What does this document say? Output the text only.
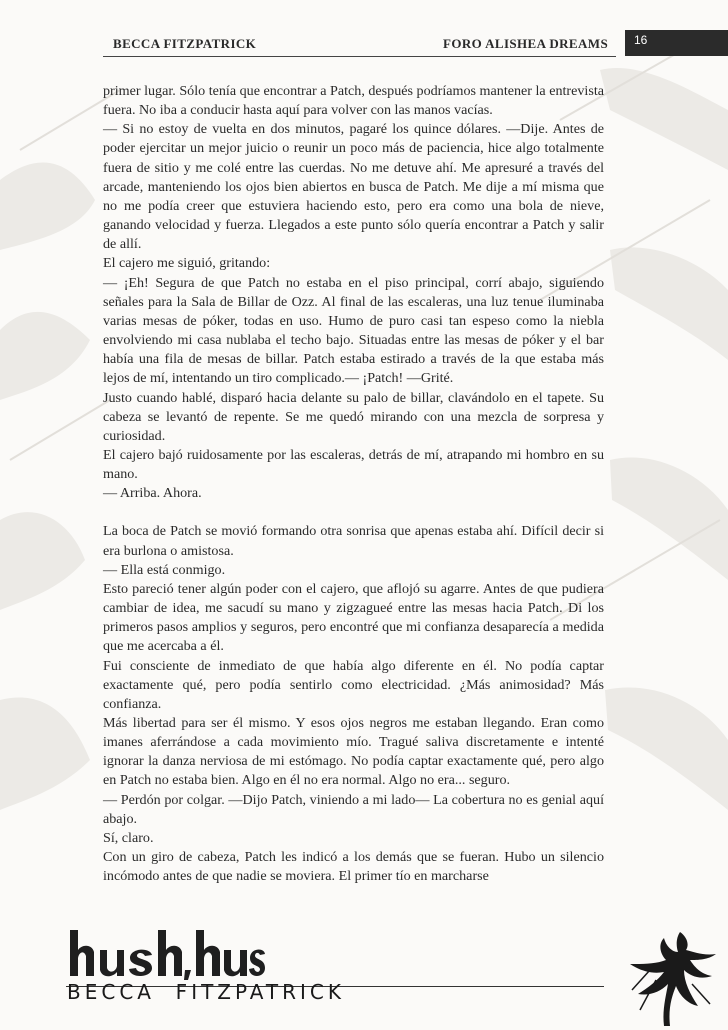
BECCA FITZPATRICK	FORO ALISHEA DREAMS 16

primer lugar. Sólo tenía que encontrar a Patch, después podríamos mantener la entrevista fuera. No iba a conducir hasta aquí para volver con las manos vacías.

— Si no estoy de vuelta en dos minutos, pagaré los quince dólares. —Dije. Antes de poder ejercitar un mejor juicio o reunir un poco más de paciencia, hice algo totalmente fuera de sitio y me colé entre las cuerdas. No me detuve ahí. Me apresuré a través del arcade, manteniendo los ojos bien abiertos en busca de Patch. Me dije a mí misma que no me podía creer que estuviera haciendo esto, pero era como una bola de nieve, ganando velocidad y fuerza. Llegados a este punto sólo quería encontrar a Patch y salir de allí.

El cajero me siguió, gritando:

— ¡Eh! Segura de que Patch no estaba en el piso principal, corrí abajo, siguiendo señales para la Sala de Billar de Ozz. Al final de las escaleras, una luz tenue iluminaba varias mesas de póker, todas en uso. Humo de puro casi tan espeso como la niebla envolviendo mi casa nublaba el techo bajo. Situadas entre las mesas de póker y el bar había una fila de mesas de billar. Patch estaba estirado a través de la que estaba más lejos de mí, intentando un tiro complicado.— ¡Patch! —Grité.

Justo cuando hablé, disparó hacia delante su palo de billar, clavándolo en el tapete. Su cabeza se levantó de repente. Se me quedó mirando con una mezcla de sorpresa y curiosidad.

El cajero bajó ruidosamente por las escaleras, detrás de mí, atrapando mi hombro en su mano.

— Arriba. Ahora.

La boca de Patch se movió formando otra sonrisa que apenas estaba ahí. Difícil decir si era burlona o amistosa.

— Ella está conmigo.

Esto pareció tener algún poder con el cajero, que aflojó su agarre. Antes de que pudiera cambiar de idea, me sacudí su mano y zigzagueé entre las mesas hacia Patch. Di los primeros pasos amplios y seguros, pero encontré que mi confianza desaparecía a medida que me acercaba a él.

Fui consciente de inmediato de que había algo diferente en él. No podía captar exactamente qué, pero podía sentirlo como electricidad. ¿Más animosidad? Más confianza.

Más libertad para ser él mismo. Y esos ojos negros me estaban llegando. Eran como imanes aferrándose a cada movimiento mío. Tragué saliva discretamente e intenté ignorar la danza nerviosa de mi estómago. No podía captar exactamente qué, pero algo en Patch no estaba bien. Algo en él no era normal. Algo no era... seguro.

— Perdón por colgar. —Dijo Patch, viniendo a mi lado— La cobertura no es genial aquí abajo.

Sí, claro.

Con un giro de cabeza, Patch les indicó a los demás que se fueran. Hubo un silencio incómodo antes de que nadie se moviera. El primer tío en marcharse

BECCA  FITZPATRICK
